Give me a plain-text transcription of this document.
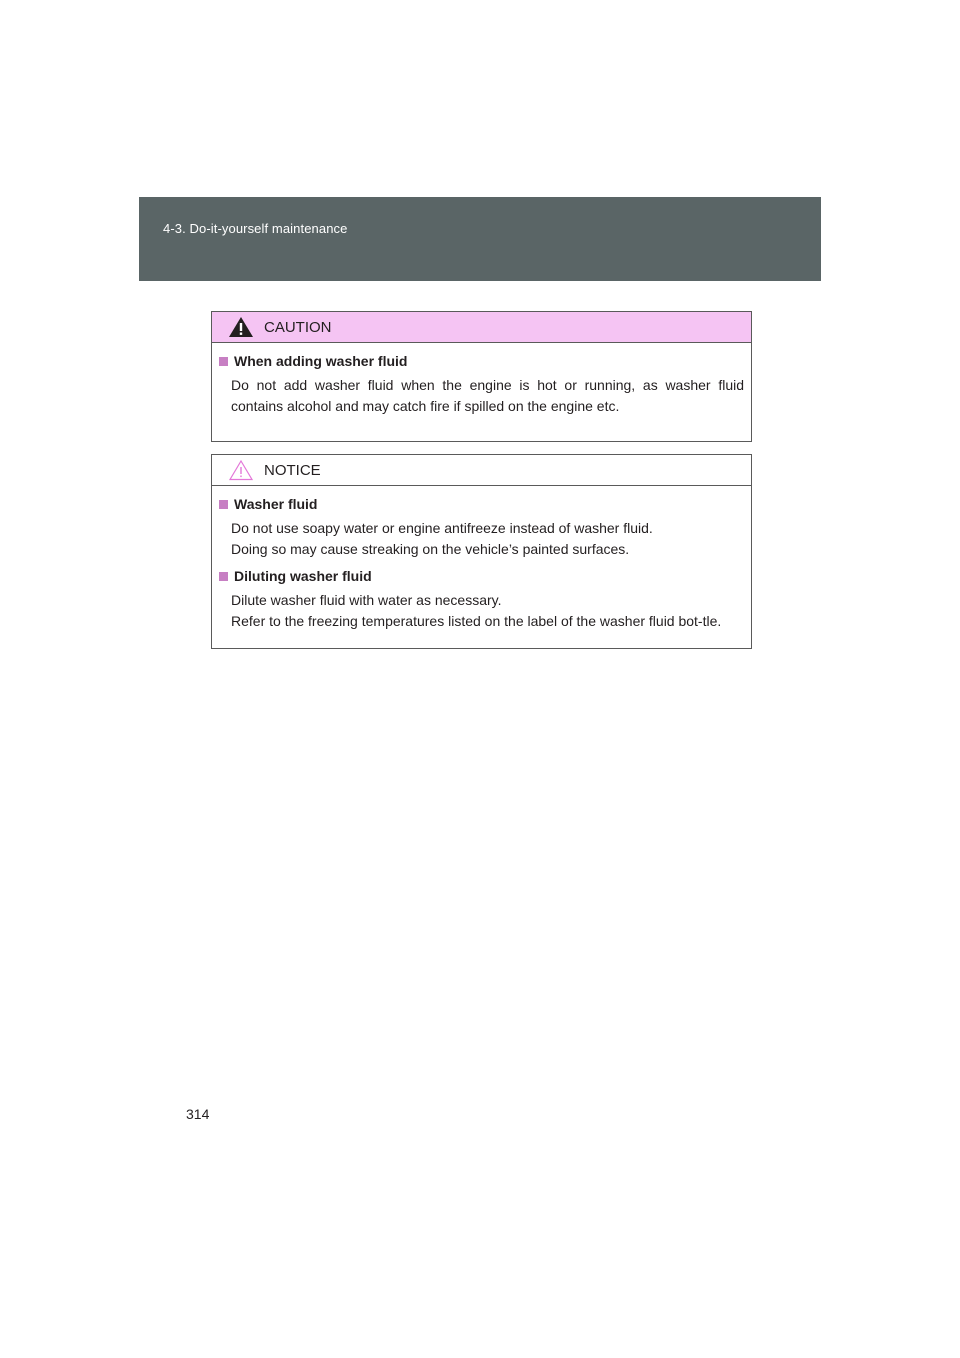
4-3. Do-it-yourself maintenance
CAUTION
When adding washer fluid
Do not add washer fluid when the engine is hot or running, as washer fluid contains alcohol and may catch fire if spilled on the engine etc.
NOTICE
Washer fluid
Do not use soapy water or engine antifreeze instead of washer fluid.
Doing so may cause streaking on the vehicle’s painted surfaces.
Diluting washer fluid
Dilute washer fluid with water as necessary.
Refer to the freezing temperatures listed on the label of the washer fluid bot-tle.
314
